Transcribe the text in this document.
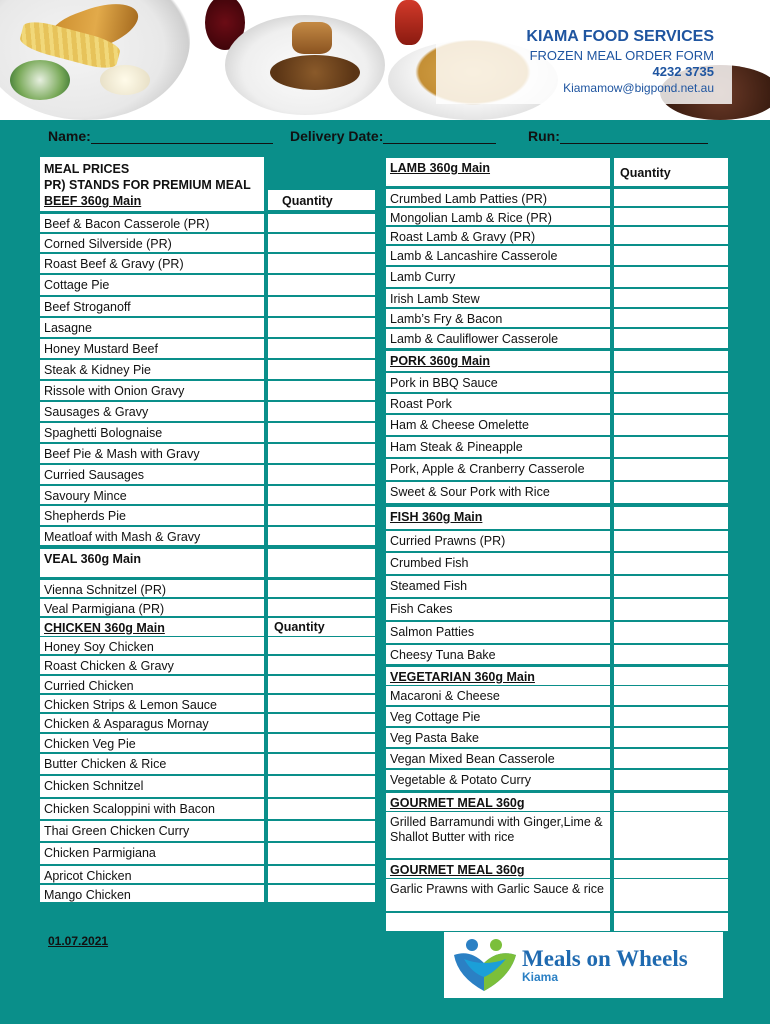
KIAMA FOOD SERVICES
FROZEN MEAL ORDER FORM
4232 3735
Kiamamow@bigpond.net.au
Name:	Delivery Date:	Run:
MEAL PRICES
PR) STANDS FOR PREMIUM MEAL
BEEF 360g Main	Quantity
Beef & Bacon Casserole (PR)
Corned Silverside (PR)
Roast Beef & Gravy (PR)
Cottage Pie
Beef Stroganoff
Lasagne
Honey Mustard Beef
Steak & Kidney Pie
Rissole with Onion Gravy
Sausages & Gravy
Spaghetti Bolognaise
Beef Pie & Mash with Gravy
Curried Sausages
Savoury Mince
Shepherds Pie
Meatloaf with Mash & Gravy
VEAL 360g Main
Vienna Schnitzel (PR)
Veal Parmigiana (PR)
CHICKEN 360g Main	Quantity
Honey Soy Chicken
Roast Chicken & Gravy
Curried Chicken
Chicken Strips & Lemon Sauce
Chicken & Asparagus Mornay
Chicken Veg Pie
Butter Chicken & Rice
Chicken Schnitzel
Chicken Scaloppini with Bacon
Thai Green Chicken Curry
Chicken Parmigiana
Apricot Chicken
Mango Chicken
LAMB 360g Main	Quantity
Crumbed Lamb Patties (PR)
Mongolian Lamb & Rice (PR)
Roast Lamb & Gravy (PR)
Lamb & Lancashire Casserole
Lamb Curry
Irish Lamb Stew
Lamb’s Fry & Bacon
Lamb & Cauliflower Casserole
PORK 360g Main
Pork in BBQ Sauce
Roast Pork
Ham & Cheese Omelette
Ham Steak & Pineapple
Pork, Apple & Cranberry Casserole
Sweet & Sour Pork with Rice
FISH 360g Main
Curried Prawns (PR)
Crumbed Fish
Steamed Fish
Fish Cakes
Salmon Patties
Cheesy Tuna Bake
VEGETARIAN 360g Main
Macaroni & Cheese
Veg Cottage Pie
Veg Pasta Bake
Vegan Mixed Bean Casserole
Vegetable & Potato Curry
GOURMET MEAL 360g
Grilled Barramundi with Ginger,Lime & Shallot Butter with rice
GOURMET MEAL 360g
Garlic Prawns with Garlic Sauce & rice
01.07.2021
Meals on Wheels
Kiama
